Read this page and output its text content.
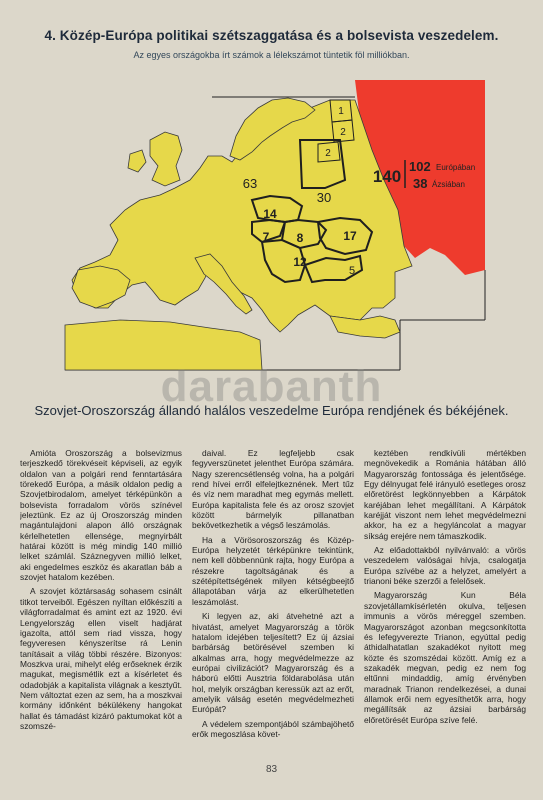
4. Közép-Európa politikai szétszaggatása és a bolsevista veszedelem.
Az egyes országokba írt számok a lélekszámot tüntetik föl milliókban.
1
2
2
63
30
14
7 8	17
12
5
140
102 Európában
38 Ázsiában
darabanth
Szovjet-Oroszország állandó halálos veszedelme Európa rendjének és békéjének.

Amióta Oroszország a bolsevizmus terjeszkedő törekvéseit képviseli, az egyik oldalon van a polgári rend fenntartására törekedő Európa, a másik oldalon pedig a Szovjetbirodalom, amelyet térképünkön a bolsevista forradalom vörös színével jeleztünk. Ez az új Oroszország minden magántulajdoni alapon álló országnak kérlelhetetlen ellensége, megnyirbált határai között is még mindig 140 millió lelket számlál. Száznegyven millió lelket, aki engedelmes eszköz és akaratlan báb a szovjet hatalom kezében.

A szovjet köztársaság sohasem csinált titkot terveiből. Egészen nyíltan előkészíti a világforradalmat és amint ezt az 1920. évi Lengyelország ellen viselt hadjárat igazolta, attól sem riad vissza, hogy fegyveresen kényszerítse rá Lenin tanításait a világ többi részére. Bizonyos: Moszkva urai, mihelyt elég erőseknek érzik magukat, megismétlik ezt a kísérletet és odadobják a kapitalista világnak a kesztyűt. Nem változtat ezen az sem, ha a moszkvai kormány időnként békülékeny hangokat hallat és támadást kizáró paktumokat köt a szomszé-

daival. Ez legfeljebb csak fegyverszünetet jelenthet Európa számára. Nagy szerencsétlenség volna, ha a polgári rend hívei erről elfelejtkeznének. Mert tűz és víz nem maradhat meg egymás mellett. Európa kapitalista fele és az orosz szovjet között bármelyik pillanatban bekövetkezhetik a végső leszámolás.

Ha a Vörösoroszország és Közép-Európa helyzetét térképünkre tekintünk, nem kell döbbennünk rajta, hogy Európa a részekre tagoltságának és a szétépítettségének milyen kétségbeejtő állapotában várja az elkerülhetetlen leszámolást.

Ki legyen az, aki átvehetné azt a hivatást, amelyet Magyarország a török hatalom idejében teljesített? Ez új ázsiai barbárság betörésével szemben ki alkalmas arra, hogy megvédelmezze az európai civilizációt? Magyarország és a háború előtti Ausztria földarabolása után hol, melyik országban keressük azt az erőt, amelyik válság esetén megvédelmezheti Európát?

A védelem szempontjából számbajöhető erők megoszlása követ-

keztében rendkívüli mértékben megnövekedik a Románia hátában álló Magyarország fontossága és jelentősége. Egy délnyugat felé irányuló esetleges orosz előretörést legkönnyebben a Kárpátok karéjában lehet megállítani. A Kárpátok karéjját viszont nem lehet megvédelmezni akkor, ha ez a hegyláncolat a magyar síkság erejére nem támaszkodik.

Az előadottakból nyilvánvaló: a vörös veszedelem valóságai hívja, csalogatja Európa szívébe az a helyzet, amelyért a trianoni béke szerzői a felelősek.

Magyarország Kun Béla szovjetállamkísérletén okulva, teljesen immunis a vörös méreggel szemben. Magyarországot azonban megcsonkította és lefegyverezte Trianon, egyúttal pedig áthidalhatatlan szakadékot nyitott meg közte és szomszédai között. Amíg ez a szakadék megvan, pedig ez nem fog eltűnni mindaddig, amíg érvényben maradnak Trianon rendelkezései, a dunai államok erői nem egyesíthetők arra, hogy megállítsák az ázsiai barbárság előretörését Európa szíve felé.

83
